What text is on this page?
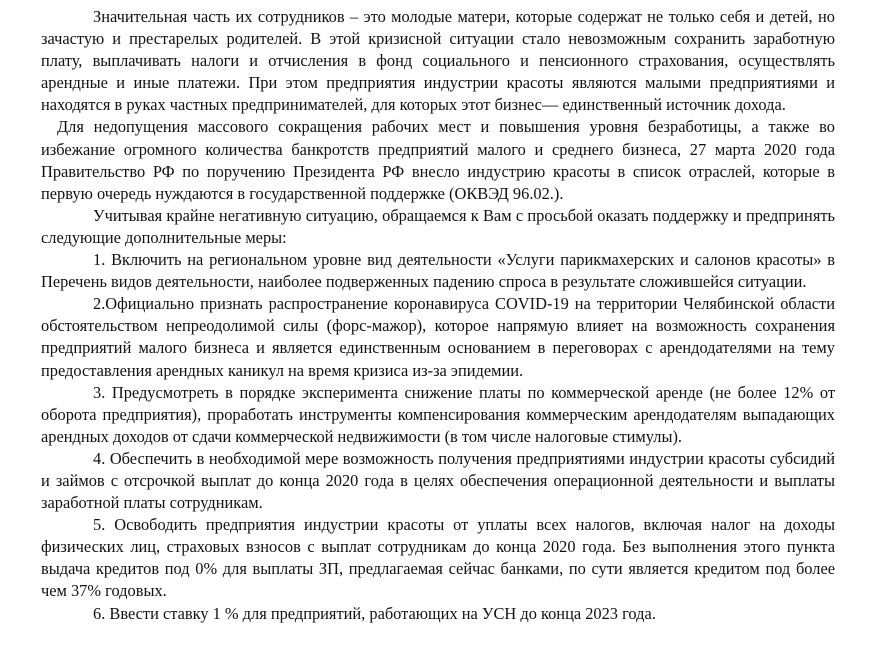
Значительная часть их сотрудников – это молодые матери, которые содержат не только себя и детей, но зачастую и престарелых родителей. В этой кризисной ситуации стало невозможным сохранить заработную плату, выплачивать налоги и отчисления в фонд социального и пенсионного страхования, осуществлять арендные и иные платежи. При этом предприятия индустрии красоты являются малыми предприятиями и находятся в руках частных предпринимателей, для которых этот бизнес— единственный источник дохода.

Для недопущения массового сокращения рабочих мест и повышения уровня безработицы, а также во избежание огромного количества банкротств предприятий малого и среднего бизнеса, 27 марта 2020 года Правительство РФ по поручению Президента РФ внесло индустрию красоты в список отраслей, которые в первую очередь нуждаются в государственной поддержке (ОКВЭД 96.02.).

Учитывая крайне негативную ситуацию, обращаемся к Вам с просьбой оказать поддержку и предпринять следующие дополнительные меры:

1. Включить на региональном уровне вид деятельности «Услуги парикмахерских и салонов красоты» в Перечень видов деятельности, наиболее подверженных падению спроса в результате сложившейся ситуации.

2.Официально признать распространение коронавируса COVID-19 на территории Челябинской области обстоятельством непреодолимой силы (форс-мажор), которое напрямую влияет на возможность сохранения предприятий малого бизнеса и является единственным основанием в переговорах с арендодателями на тему предоставления арендных каникул на время кризиса из-за эпидемии.

3. Предусмотреть в порядке эксперимента снижение платы по коммерческой аренде (не более 12% от оборота предприятия), проработать инструменты компенсирования коммерческим арендодателям выпадающих арендных доходов от сдачи коммерческой недвижимости (в том числе налоговые стимулы).

4. Обеспечить в необходимой мере возможность получения предприятиями индустрии красоты субсидий и займов с отсрочкой выплат до конца 2020 года в целях обеспечения операционной деятельности и выплаты заработной платы сотрудникам.

5. Освободить предприятия индустрии красоты от уплаты всех налогов, включая налог на доходы физических лиц, страховых взносов с выплат сотрудникам до конца 2020 года. Без выполнения этого пункта выдача кредитов под 0% для выплаты ЗП, предлагаемая сейчас банками, по сути является кредитом под более чем 37% годовых.

6. Ввести ставку 1 % для предприятий, работающих на УСН до конца 2023 года.
